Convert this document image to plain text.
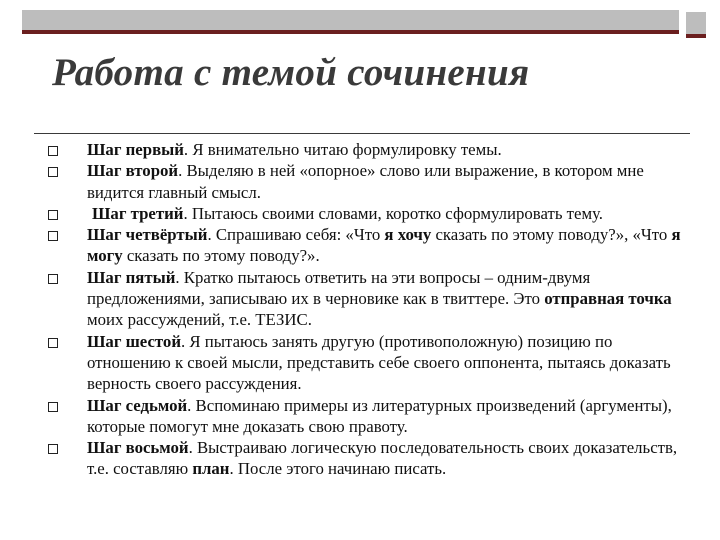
Работа с темой сочинения
Шаг первый. Я внимательно читаю формулировку темы.
Шаг второй. Выделяю в ней «опорное» слово или выражение, в котором мне видится главный смысл.
Шаг третий. Пытаюсь своими словами, коротко сформулировать тему.
Шаг четвёртый. Спрашиваю себя: «Что я хочу сказать по этому поводу?», «Что я могу сказать по этому поводу?».
Шаг пятый. Кратко пытаюсь ответить на эти вопросы – одним-двумя предложениями, записываю их в черновике как в твиттере. Это отправная точка моих рассуждений, т.е. ТЕЗИС.
Шаг шестой. Я пытаюсь занять другую (противоположную) позицию по отношению к своей мысли, представить себе своего оппонента, пытаясь доказать верность своего рассуждения.
Шаг седьмой. Вспоминаю примеры из литературных произведений (аргументы), которые помогут мне доказать свою правоту.
Шаг восьмой. Выстраиваю логическую последовательность своих доказательств, т.е. составляю план. После этого начинаю писать.
